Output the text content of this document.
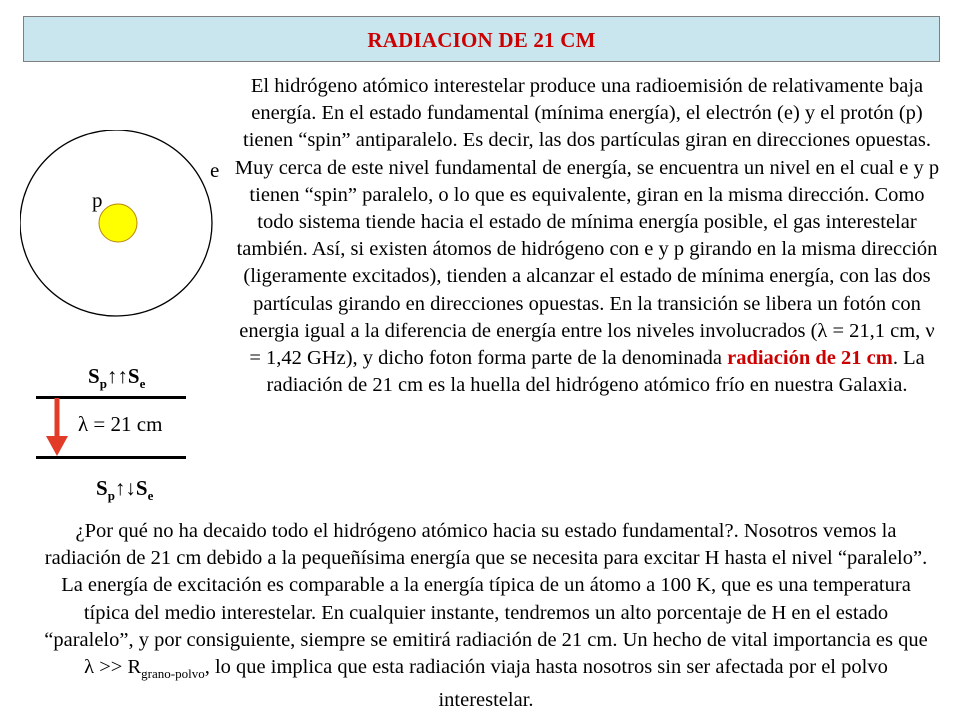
RADIACION DE 21 CM
e
p
$S_p↑↑S_e$
λ = 21 cm
$S_p↑↓S_e$
El hidrógeno atómico interestelar produce una radioemisión de relativamente baja energía. En el estado fundamental (mínima energía), el electrón (e) y el protón (p) tienen “spin” antiparalelo. Es decir, las dos partículas giran en direcciones opuestas. Muy cerca de este nivel fundamental de energía, se encuentra un nivel en el cual e y p tienen “spin” paralelo, o lo que es equivalente, giran en la misma dirección. Como todo sistema tiende hacia el estado de mínima energía posible, el gas interestelar también. Así, si existen átomos de hidrógeno con e y p girando en la misma dirección (ligeramente excitados), tienden a alcanzar el estado de mínima energía, con las dos partículas girando en direcciones opuestas. En la transición se libera un fotón con energia igual a la diferencia de energía entre los niveles involucrados (λ = 21,1 cm, ν = 1,42 GHz), y dicho foton forma parte de la denominada radiación de 21 cm. La radiación de 21 cm es la huella del hidrógeno atómico frío en nuestra Galaxia.
¿Por qué no ha decaido todo el hidrógeno atómico hacia su estado fundamental?. Nosotros vemos la radiación de 21 cm debido a la pequeñísima energía que se necesita para excitar H hasta el nivel “paralelo”. La energía de excitación es comparable a la energía típica de un átomo a 100 K, que es una temperatura típica del medio interestelar. En cualquier instante, tendremos un alto porcentaje de H en el estado “paralelo”, y por consiguiente, siempre se emitirá radiación de 21 cm. Un hecho de vital importancia es que $\lambda >> R_{grano-polvo}$, lo que implica que esta radiación viaja hasta nosotros sin ser afectada por el polvo interestelar.
